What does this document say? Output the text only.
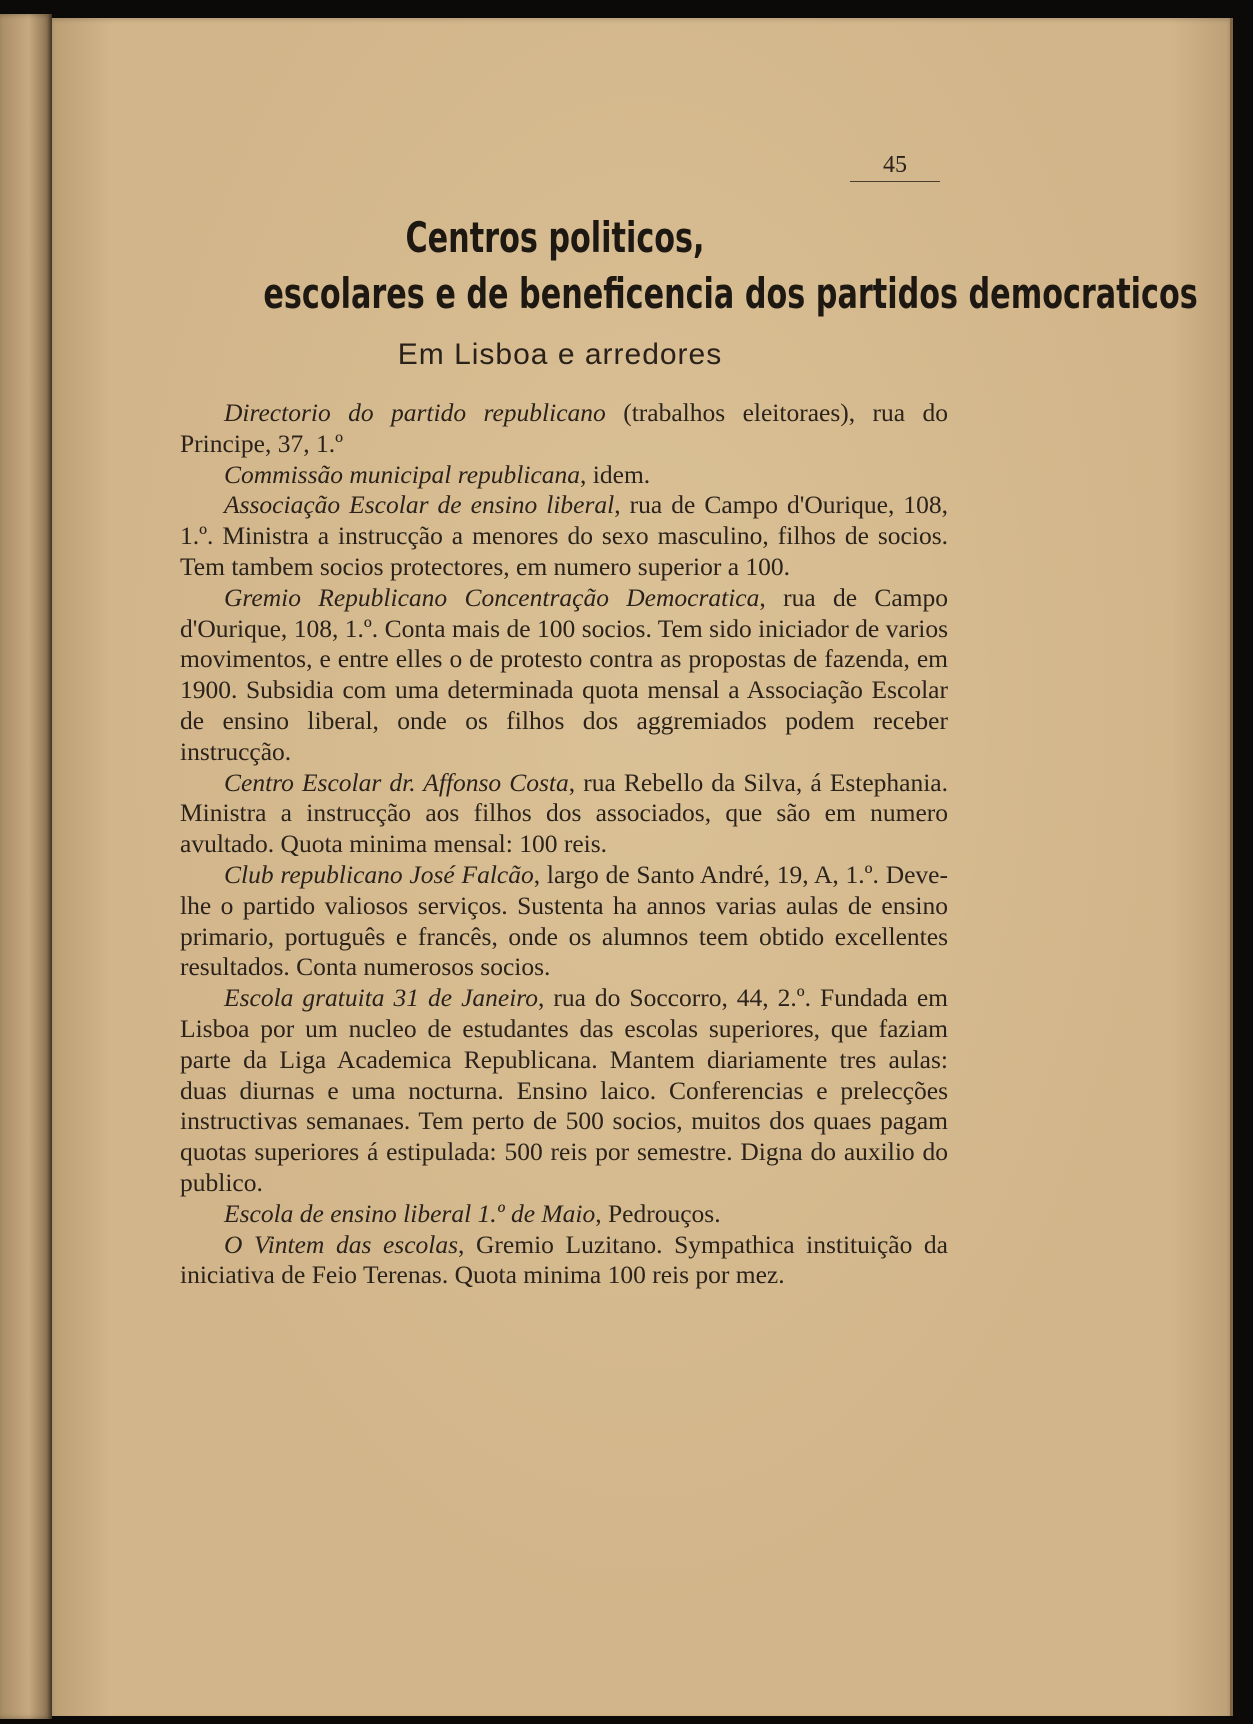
45
Centros politicos,
escolares e de beneficencia dos partidos democraticos
Em Lisboa e arredores

Directorio do partido republicano (trabalhos eleitoraes), rua do Principe, 37, 1.º

Commissão municipal republicana, idem.

Associação Escolar de ensino liberal, rua de Campo d'Ourique, 108, 1.º. Ministra a instrucção a menores do sexo masculino, filhos de socios. Tem tambem socios protectores, em numero superior a 100.

Gremio Republicano Concentração Democratica, rua de Campo d'Ourique, 108, 1.º. Conta mais de 100 socios. Tem sido iniciador de varios movimentos, e entre elles o de protesto contra as propostas de fazenda, em 1900. Subsidia com uma determinada quota mensal a Associação Escolar de ensino liberal, onde os filhos dos aggremiados podem receber instrucção.

Centro Escolar dr. Affonso Costa, rua Rebello da Silva, á Estephania. Ministra a instrucção aos filhos dos associados, que são em numero avultado. Quota minima mensal: 100 reis.

Club republicano José Falcão, largo de Santo André, 19, A, 1.º. Deve-lhe o partido valiosos serviços. Sustenta ha annos varias aulas de ensino primario, português e francês, onde os alumnos teem obtido excellentes resultados. Conta numerosos socios.

Escola gratuita 31 de Janeiro, rua do Soccorro, 44, 2.º. Fundada em Lisboa por um nucleo de estudantes das escolas superiores, que faziam parte da Liga Academica Republicana. Mantem diariamente tres aulas: duas diurnas e uma nocturna. Ensino laico. Conferencias e prelecções instructivas semanaes. Tem perto de 500 socios, muitos dos quaes pagam quotas superiores á estipulada: 500 reis por semestre. Digna do auxilio do publico.

Escola de ensino liberal 1.º de Maio, Pedrouços.

O Vintem das escolas, Gremio Luzitano. Sympathica instituição da iniciativa de Feio Terenas. Quota minima 100 reis por mez.
